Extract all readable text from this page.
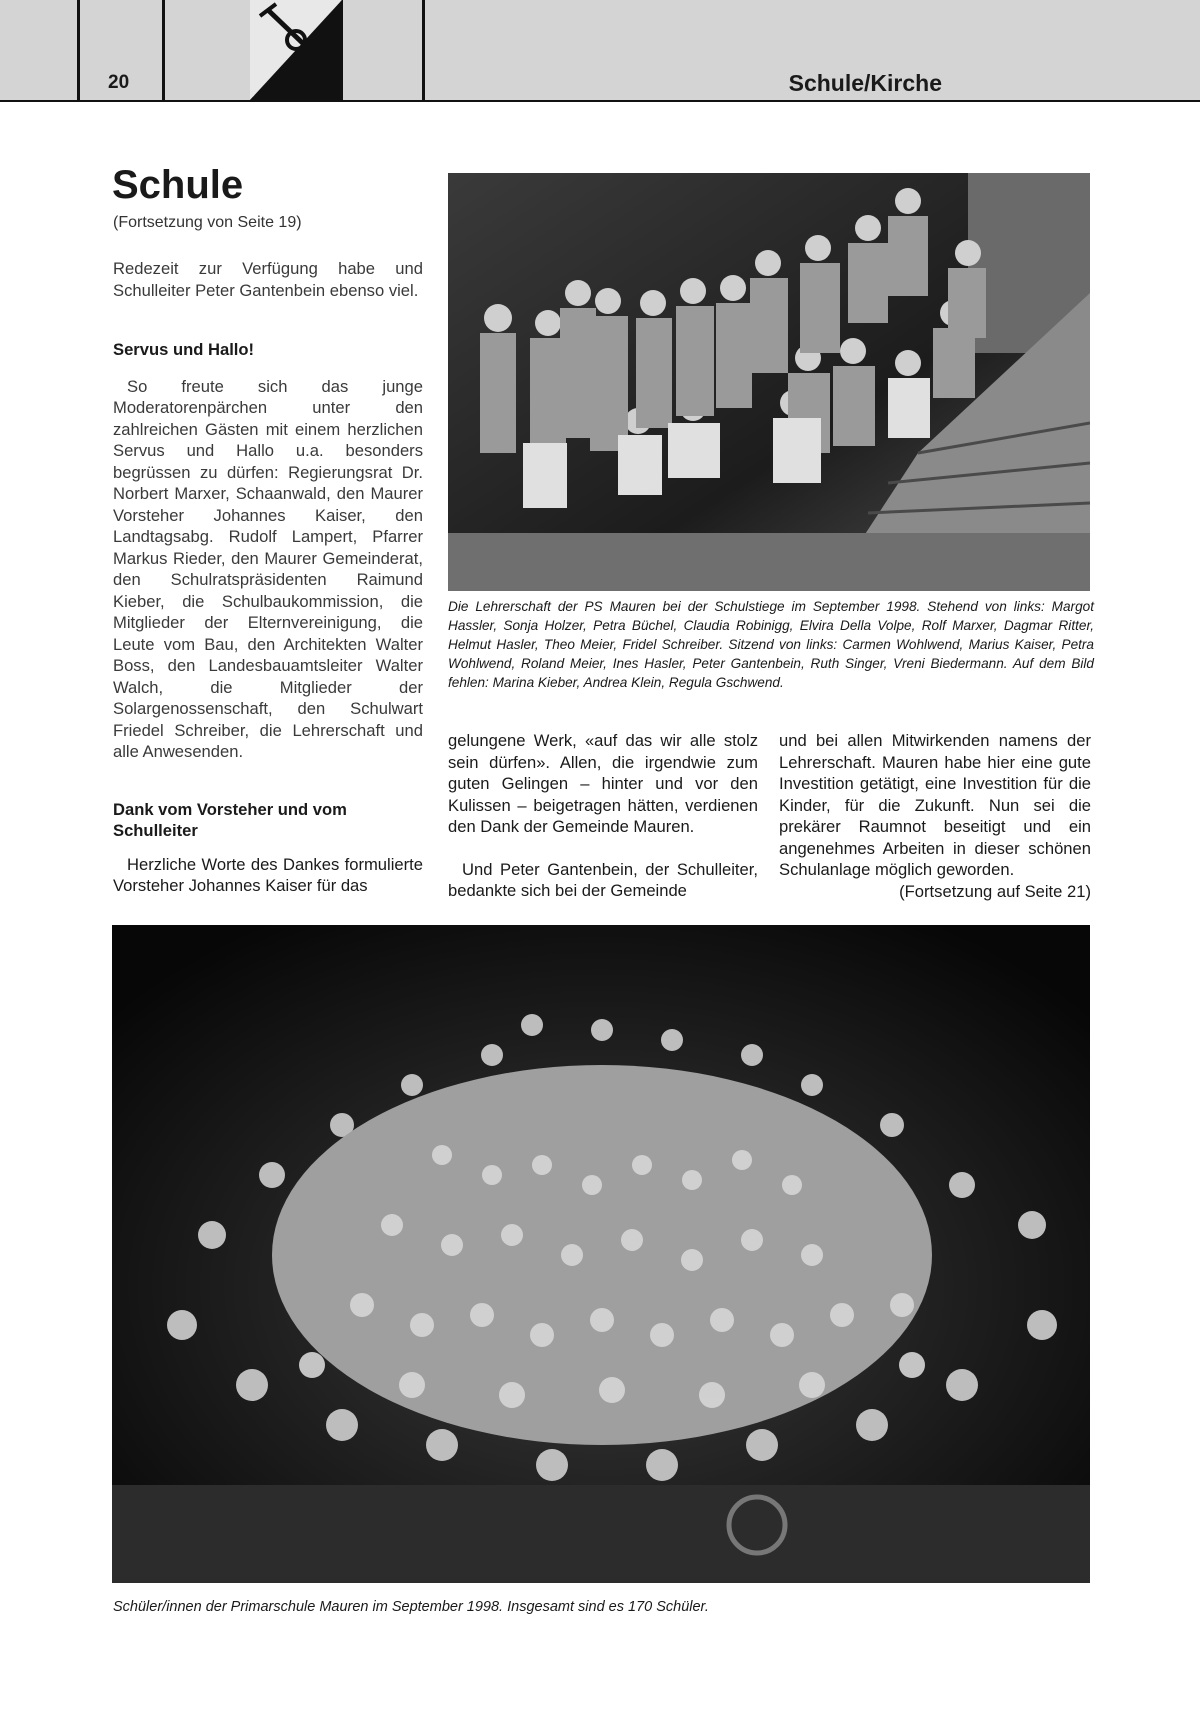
20	Schule/Kirche
Schule
(Fortsetzung von Seite 19)

Redezeit zur Verfügung habe und Schulleiter Peter Gantenbein ebenso viel.

Servus und Hallo!

So freute sich das junge Moderatorenpärchen unter den zahlreichen Gästen mit einem herzlichen Servus und Hallo u.a. besonders begrüssen zu dürfen: Regierungsrat Dr. Norbert Marxer, Schaanwald, den Maurer Vorsteher Johannes Kaiser, den Landtagsabg. Rudolf Lampert, Pfarrer Markus Rieder, den Maurer Gemeinderat, den Schulratspräsidenten Raimund Kieber, die Schulbaukommission, die Mitglieder der Elternvereinigung, die Leute vom Bau, den Architekten Walter Boss, den Landesbauamtsleiter Walter Walch, die Mitglieder der Solargenossenschaft, den Schulwart Friedel Schreiber, die Lehrerschaft und alle Anwesenden.

Dank vom Vorsteher und vom Schulleiter

Herzliche Worte des Dankes formulierte Vorsteher Johannes Kaiser für das

Die Lehrerschaft der PS Mauren bei der Schulstiege im September 1998. Stehend von links: Margot Hassler, Sonja Holzer, Petra Büchel, Claudia Robinigg, Elvira Della Volpe, Rolf Marxer, Dagmar Ritter, Helmut Hasler, Theo Meier, Fridel Schreiber. Sitzend von links: Carmen Wohlwend, Marius Kaiser, Petra Wohlwend, Roland Meier, Ines Hasler, Peter Gantenbein, Ruth Singer, Vreni Biedermann. Auf dem Bild fehlen: Marina Kieber, Andrea Klein, Regula Gschwend.

gelungene Werk, «auf das wir alle stolz sein dürfen». Allen, die irgendwie zum guten Gelingen – hinter und vor den Kulissen – beigetragen hätten, verdienen den Dank der Gemeinde Mauren.

Und Peter Gantenbein, der Schulleiter, bedankte sich bei der Gemeinde

und bei allen Mitwirkenden namens der Lehrerschaft. Mauren habe hier eine gute Investition getätigt, eine Investition für die Kinder, für die Zukunft. Nun sei die prekärer Raumnot beseitigt und ein angenehmes Arbeiten in dieser schönen Schulanlage möglich geworden.

(Fortsetzung auf Seite 21)

Schüler/innen der Primarschule Mauren im September 1998. Insgesamt sind es 170 Schüler.
